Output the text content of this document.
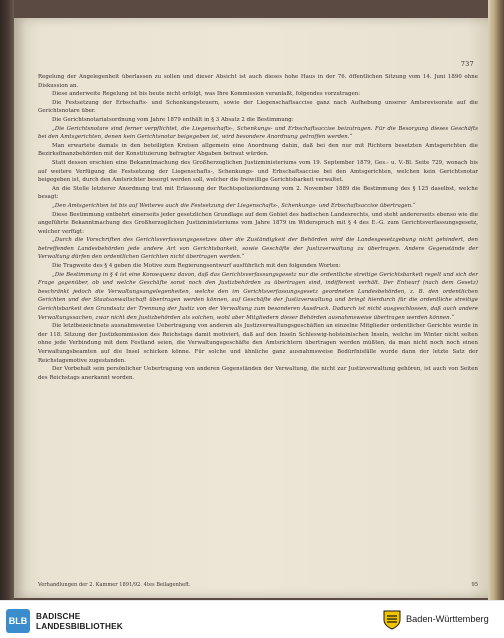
737

Regelung der Angelegenheit überlassen zu sollen und dieser Absicht ist auch dieses hohe Haus in der 76. öffentlichen Sitzung vom 14. Juni 1890 ohne Diskussion an.

Diese anderweite Regelung ist bis heute nicht erfolgt, was Ihre Kommission veranlaßt, folgendes vorzutragen:

Die Festsetzung der Erbschafts- und Schenkungsteuern, sowie der Liegenschaftsaccise ganz nach Aufhebung unserer Amtsrevisorate auf die Gerichtsnotare über.

Die Gerichtsnotariatsordnung vom Jahre 1879 enthält in § 3 Absatz 2 die Bestimmung:

„Die Gerichtsnotare sind ferner verpflichtet, die Liegenschafts-, Schenkungs- und Erbschaftsaccise beizutragen. Für die Besorgung dieses Geschäfts bei den Amtsgerichten, denen kein Gerichtsnotar beigegeben ist, wird besondere Anordnung getroffen werden.“

Man erwartete damals in den beteiligten Kreisen allgemein eine Anordnung dahin, daß bei den nur mit Richtern besetzten Amtsgerichten die Bezirksfinanzbehörden mit der Konstituierung befragter Abgaben betraut würden.

Statt dessen erschien eine Bekanntmachung des Großherzoglichen Justizministeriums vom 19. September 1879, Ges.- u. V.-Bl. Seite 729, wonach bis auf weitere Verfügung die Festsetzung der Liegenschafts-, Schenkungs- und Erbschaftsaccise bei den Amtsgerichten, welchen kein Gerichtsnotar beigegeben ist, durch den Amtsrichter besorgt werden soll, welcher die freiwillige Gerichtsbarkeit verwaltet.

An die Stelle letzterer Anordnung trat mit Erlassung der Rechtspolizeiordnung vom 2. November 1889 die Bestimmung des § 125 daselbst, welche besagt:

„Den Amtsgerichten ist bis auf Weiteres auch die Festsetzung der Liegenschafts-, Schenkungs- und Erbschaftsaccise übertragen.“

Diese Bestimmung entbehrt einerseits jeder gesetzlichen Grundlage auf dem Gebiet des badischen Landesrechts, und steht andererseits ebenso wie die angeführte Bekanntmachung des Großherzoglichen Justizministeriums vom Jahre 1879 im Widerspruch mit § 4 des E.-G. zum Gerichtsverfassungsgesetz, welcher verfügt:

„Durch die Vorschriften des Gerichtsverfassungsgesetzes über die Zuständigkeit der Behörden wird die Landesgesetzgebung nicht gehindert, den betreffenden Landesbehörden jede andere Art von Gerichtsbarkeit, sowie Geschäfte der Justizverwaltung zu übertragen. Andere Gegenstände der Verwaltung dürfen den ordentlichen Gerichten nicht übertragen werden.“

Die Tragweite des § 4 geben die Motive zum Regierungsentwurf ausführlich mit den folgenden Worten:

„Die Bestimmung in § 4 ist eine Konsequenz davon, daß das Gerichtsverfassungsgesetz nur die ordentliche streitige Gerichtsbarkeit regelt und sich der Frage gegenüber, ob und welche Geschäfte sonst noch den Justizbehörden zu übertragen sind, indifferent verhält. Der Entwurf (nach dem Gesetz) beschränkt jedoch die Verwaltungsangelegenheiten, welche den im Gerichtsverfassungsgesetz geordneten Landesbehörden, z. B. den ordentlichen Gerichten und der Staatsanwaltschaft übertragen werden können, auf Geschäfte der Justizverwaltung und bringt hierdurch für die ordentliche streitige Gerichtsbarkeit den Grundsatz der Trennung der Justiz von der Verwaltung zum besonderen Ausdruck. Dadurch ist nicht ausgeschlossen, daß auch andere Verwaltungssachen, zwar nicht den Justizbehörden als solchen, wohl aber Mitgliedern dieser Behörden ausnahmsweise übertragen werden können.“

Die letztbezeichnete ausnahmsweise Uebertragung von anderen als Justizverwaltungsgeschäften an einzelne Mitglieder ordentlicher Gerichte wurde in der 118. Sitzung der Justizkommission des Reichstags damit motiviert, daß auf den Inseln Schleswig-holsteinischen Inseln, welche im Winter nicht selten ohne jede Verbindung mit dem Festland seien, die Verwaltungsgeschäfte den Amtsrichtern übertragen werden müßten, da man nicht noch noch einen Verwaltungsbeamten auf die Insel schicken könne. Für solche und ähnliche ganz ausnahmsweise Bedürfnisfälle wurde dann der letzte Satz der Reichstagsmotive zugestanden.

Der Vorbehalt sein persönlicher Uebertragung von anderen Gegenständen der Verwaltung, die nicht zur Justizverwaltung gehören, ist auch von Seiten des Reichstags anerkannt worden.

Verhandlungen der 2. Kammer 1891/92. 4tes Beilagenheft.	95
BLB BADISCHE
LANDESBIBLIOTHEK
Baden-Württemberg
